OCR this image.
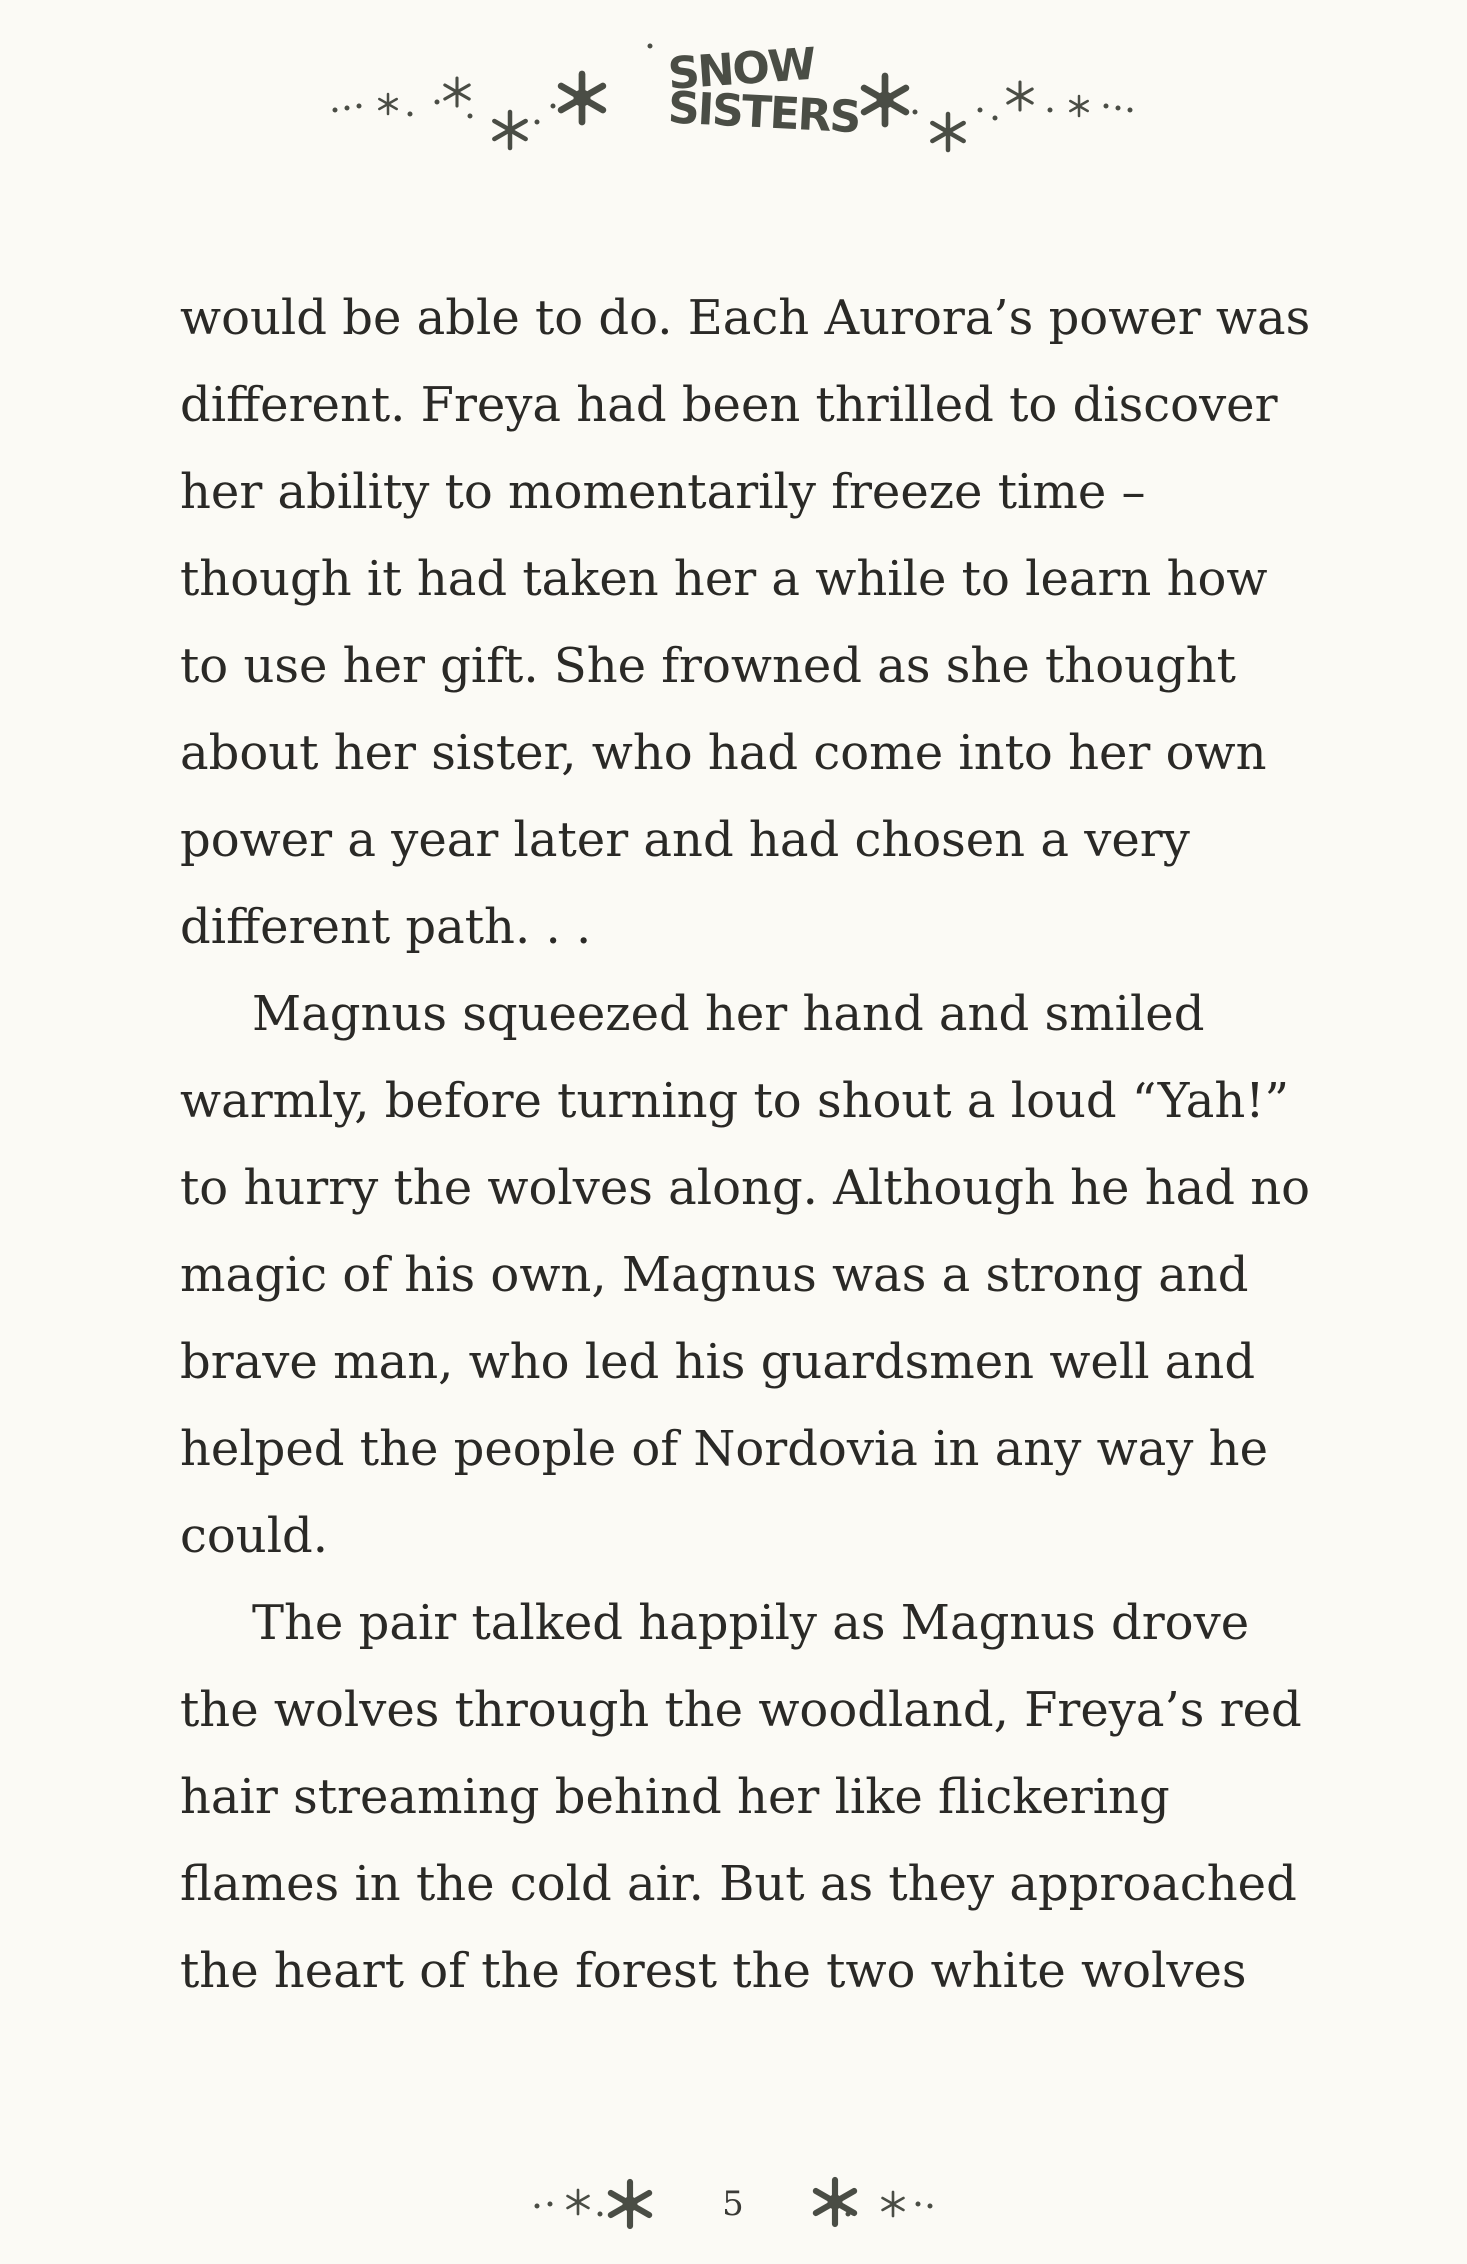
SNOW
SISTERS

would be able to do. Each Aurora’s power was different. Freya had been thrilled to discover her ability to momentarily freeze time – though it had taken her a while to learn how to use her gift. She frowned as she thought about her sister, who had come into her own power a year later and had chosen a very different path. . .

Magnus squeezed her hand and smiled warmly, before turning to shout a loud “Yah!” to hurry the wolves along. Although he had no magic of his own, Magnus was a strong and brave man, who led his guardsmen well and helped the people of Nordovia in any way he could.

The pair talked happily as Magnus drove the wolves through the woodland, Freya’s red hair streaming behind her like flickering flames in the cold air. But as they approached the heart of the forest the two white wolves

5
